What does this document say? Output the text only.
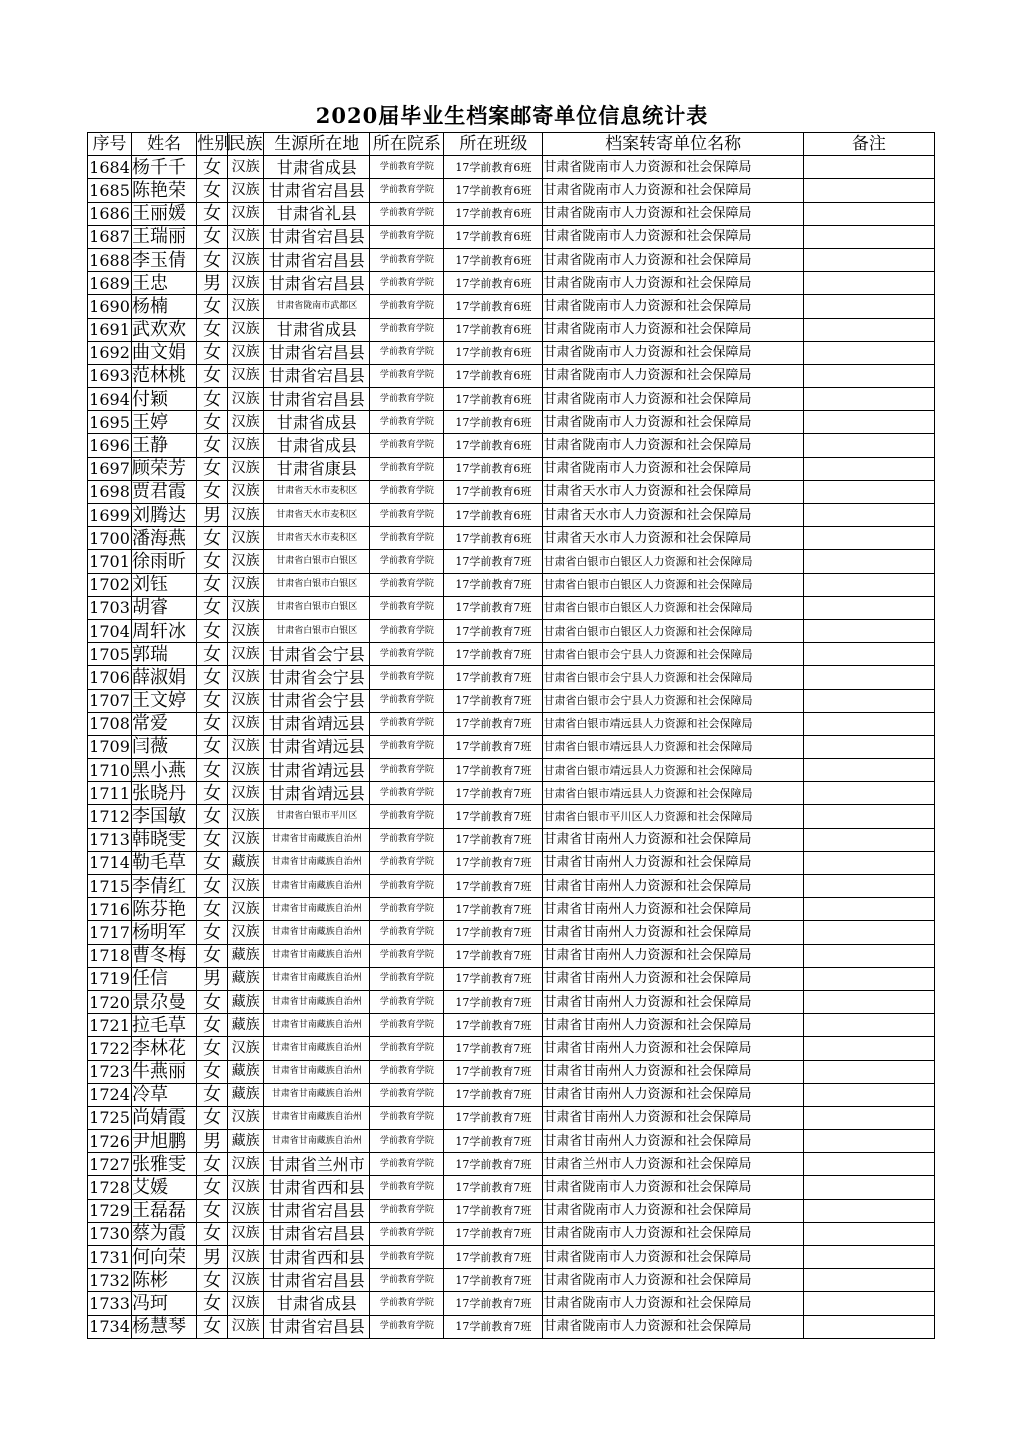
2020届毕业生档案邮寄单位信息统计表
序号	姓名	性别	民族	生源所在地	所在院系	所在班级	档案转寄单位名称	备注
1684	杨千千	女	汉族	甘肃省成县	学前教育学院	17学前教育6班	甘肃省陇南市人力资源和社会保障局	
1685	陈艳荣	女	汉族	甘肃省宕昌县	学前教育学院	17学前教育6班	甘肃省陇南市人力资源和社会保障局	
1686	王丽媛	女	汉族	甘肃省礼县	学前教育学院	17学前教育6班	甘肃省陇南市人力资源和社会保障局	
1687	王瑞丽	女	汉族	甘肃省宕昌县	学前教育学院	17学前教育6班	甘肃省陇南市人力资源和社会保障局	
1688	李玉倩	女	汉族	甘肃省宕昌县	学前教育学院	17学前教育6班	甘肃省陇南市人力资源和社会保障局	
1689	王忠	男	汉族	甘肃省宕昌县	学前教育学院	17学前教育6班	甘肃省陇南市人力资源和社会保障局	
1690	杨楠	女	汉族	甘肃省陇南市武都区	学前教育学院	17学前教育6班	甘肃省陇南市人力资源和社会保障局	
1691	武欢欢	女	汉族	甘肃省成县	学前教育学院	17学前教育6班	甘肃省陇南市人力资源和社会保障局	
1692	曲文娟	女	汉族	甘肃省宕昌县	学前教育学院	17学前教育6班	甘肃省陇南市人力资源和社会保障局	
1693	范林桃	女	汉族	甘肃省宕昌县	学前教育学院	17学前教育6班	甘肃省陇南市人力资源和社会保障局	
1694	付颖	女	汉族	甘肃省宕昌县	学前教育学院	17学前教育6班	甘肃省陇南市人力资源和社会保障局	
1695	王婷	女	汉族	甘肃省成县	学前教育学院	17学前教育6班	甘肃省陇南市人力资源和社会保障局	
1696	王静	女	汉族	甘肃省成县	学前教育学院	17学前教育6班	甘肃省陇南市人力资源和社会保障局	
1697	顾荣芳	女	汉族	甘肃省康县	学前教育学院	17学前教育6班	甘肃省陇南市人力资源和社会保障局	
1698	贾君霞	女	汉族	甘肃省天水市麦积区	学前教育学院	17学前教育6班	甘肃省天水市人力资源和社会保障局	
1699	刘腾达	男	汉族	甘肃省天水市麦积区	学前教育学院	17学前教育6班	甘肃省天水市人力资源和社会保障局	
1700	潘海燕	女	汉族	甘肃省天水市麦积区	学前教育学院	17学前教育6班	甘肃省天水市人力资源和社会保障局	
1701	徐雨昕	女	汉族	甘肃省白银市白银区	学前教育学院	17学前教育7班	甘肃省白银市白银区人力资源和社会保障局	
1702	刘钰	女	汉族	甘肃省白银市白银区	学前教育学院	17学前教育7班	甘肃省白银市白银区人力资源和社会保障局	
1703	胡睿	女	汉族	甘肃省白银市白银区	学前教育学院	17学前教育7班	甘肃省白银市白银区人力资源和社会保障局	
1704	周轩冰	女	汉族	甘肃省白银市白银区	学前教育学院	17学前教育7班	甘肃省白银市白银区人力资源和社会保障局	
1705	郭瑞	女	汉族	甘肃省会宁县	学前教育学院	17学前教育7班	甘肃省白银市会宁县人力资源和社会保障局	
1706	薛淑娟	女	汉族	甘肃省会宁县	学前教育学院	17学前教育7班	甘肃省白银市会宁县人力资源和社会保障局	
1707	王文婷	女	汉族	甘肃省会宁县	学前教育学院	17学前教育7班	甘肃省白银市会宁县人力资源和社会保障局	
1708	常爱	女	汉族	甘肃省靖远县	学前教育学院	17学前教育7班	甘肃省白银市靖远县人力资源和社会保障局	
1709	闫薇	女	汉族	甘肃省靖远县	学前教育学院	17学前教育7班	甘肃省白银市靖远县人力资源和社会保障局	
1710	黑小燕	女	汉族	甘肃省靖远县	学前教育学院	17学前教育7班	甘肃省白银市靖远县人力资源和社会保障局	
1711	张晓丹	女	汉族	甘肃省靖远县	学前教育学院	17学前教育7班	甘肃省白银市靖远县人力资源和社会保障局	
1712	李国敏	女	汉族	甘肃省白银市平川区	学前教育学院	17学前教育7班	甘肃省白银市平川区人力资源和社会保障局	
1713	韩晓雯	女	汉族	甘肃省甘南藏族自治州	学前教育学院	17学前教育7班	甘肃省甘南州人力资源和社会保障局	
1714	勒毛草	女	藏族	甘肃省甘南藏族自治州	学前教育学院	17学前教育7班	甘肃省甘南州人力资源和社会保障局	
1715	李倩红	女	汉族	甘肃省甘南藏族自治州	学前教育学院	17学前教育7班	甘肃省甘南州人力资源和社会保障局	
1716	陈芬艳	女	汉族	甘肃省甘南藏族自治州	学前教育学院	17学前教育7班	甘肃省甘南州人力资源和社会保障局	
1717	杨明军	女	汉族	甘肃省甘南藏族自治州	学前教育学院	17学前教育7班	甘肃省甘南州人力资源和社会保障局	
1718	曹冬梅	女	藏族	甘肃省甘南藏族自治州	学前教育学院	17学前教育7班	甘肃省甘南州人力资源和社会保障局	
1719	任信	男	藏族	甘肃省甘南藏族自治州	学前教育学院	17学前教育7班	甘肃省甘南州人力资源和社会保障局	
1720	景尕曼	女	藏族	甘肃省甘南藏族自治州	学前教育学院	17学前教育7班	甘肃省甘南州人力资源和社会保障局	
1721	拉毛草	女	藏族	甘肃省甘南藏族自治州	学前教育学院	17学前教育7班	甘肃省甘南州人力资源和社会保障局	
1722	李林花	女	汉族	甘肃省甘南藏族自治州	学前教育学院	17学前教育7班	甘肃省甘南州人力资源和社会保障局	
1723	牛燕丽	女	藏族	甘肃省甘南藏族自治州	学前教育学院	17学前教育7班	甘肃省甘南州人力资源和社会保障局	
1724	冷草	女	藏族	甘肃省甘南藏族自治州	学前教育学院	17学前教育7班	甘肃省甘南州人力资源和社会保障局	
1725	尚婧霞	女	汉族	甘肃省甘南藏族自治州	学前教育学院	17学前教育7班	甘肃省甘南州人力资源和社会保障局	
1726	尹旭鹏	男	藏族	甘肃省甘南藏族自治州	学前教育学院	17学前教育7班	甘肃省甘南州人力资源和社会保障局	
1727	张雅雯	女	汉族	甘肃省兰州市	学前教育学院	17学前教育7班	甘肃省兰州市人力资源和社会保障局	
1728	艾媛	女	汉族	甘肃省西和县	学前教育学院	17学前教育7班	甘肃省陇南市人力资源和社会保障局	
1729	王磊磊	女	汉族	甘肃省宕昌县	学前教育学院	17学前教育7班	甘肃省陇南市人力资源和社会保障局	
1730	蔡为霞	女	汉族	甘肃省宕昌县	学前教育学院	17学前教育7班	甘肃省陇南市人力资源和社会保障局	
1731	何向荣	男	汉族	甘肃省西和县	学前教育学院	17学前教育7班	甘肃省陇南市人力资源和社会保障局	
1732	陈彬	女	汉族	甘肃省宕昌县	学前教育学院	17学前教育7班	甘肃省陇南市人力资源和社会保障局	
1733	冯珂	女	汉族	甘肃省成县	学前教育学院	17学前教育7班	甘肃省陇南市人力资源和社会保障局	
1734	杨慧琴	女	汉族	甘肃省宕昌县	学前教育学院	17学前教育7班	甘肃省陇南市人力资源和社会保障局	
